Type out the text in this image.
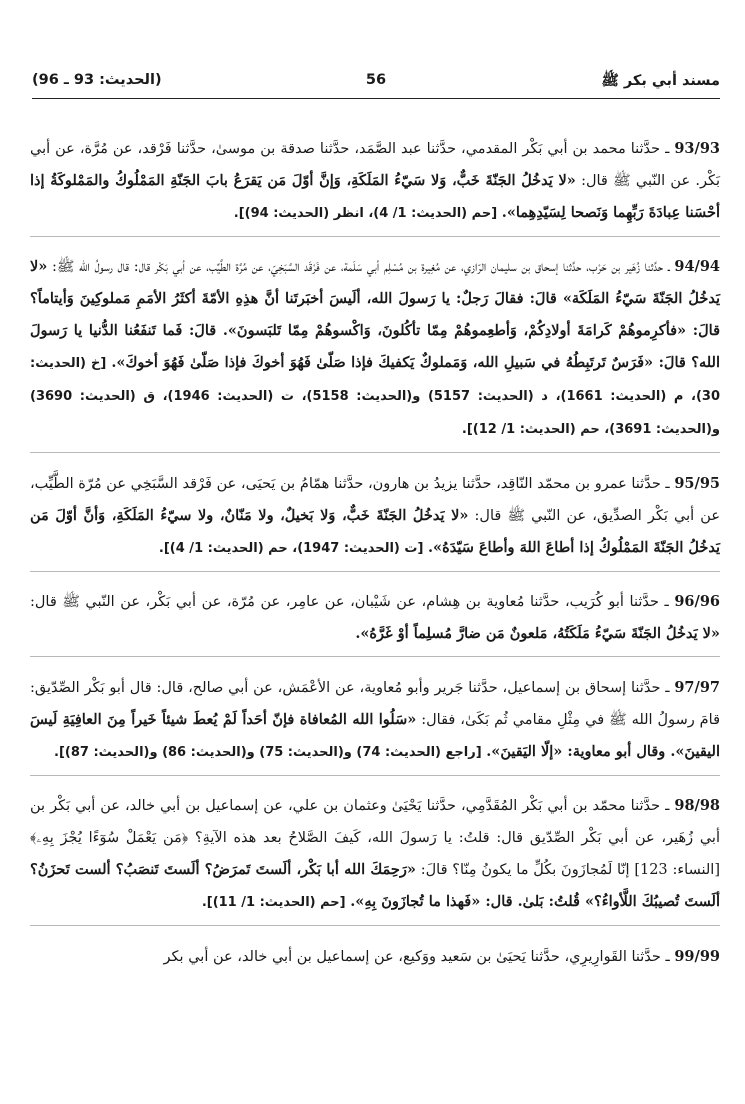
مسند أبي بكر ﷺ
56
(الحديث: 93 ـ 96)

93/93 ـ حدَّثنا محمد بن أبي بَكْر المقدمي، حدَّثنا عبد الصَّمَد، حدَّثنا صدقة بن موسىٰ، حدَّثنا فَرْقد، عن مُرَّة، عن أبي بَكْر. عن النّبي ﷺ قال: «لا يَدخُلُ الجَنّةَ خَبٌّ، وَلا سَيّءُ المَلَكَةِ، وَإنَّ أوّلَ مَن يَقرَعُ بابَ الجَنّةِ المَمْلُوكُ والمَمْلوكَةُ إذا أحْسَنا عِبادَةَ رَبِّهِما وَنَصحا لِسَيّدِهِما». [حم (الحديث: 1/ 4)، انظر (الحديث: 94)].

94/94 ـ حدَّثنا زُهَير بن حَرْب، حدَّثنا إسحاق بن سليمان الرّازي، عن مُغِيرة بن مُسْلِم أبي سَلَمة، عن فَرْقَد السَّبَخِيّ، عن مُرَّة الطَّيِّب، عن أبي بَكْر قال: قال رسولُ الله ﷺ: «لا يَدخُلُ الجَنّةَ سَيّءُ المَلَكَة» قالَ: فقالَ رَجلٌ: يا رَسولَ الله، ألَيسَ أخبَرتَنا أنَّ هذِهِ الأمّةَ أكثَرُ الأمَمِ مَملوكِينَ وَأيتاماً؟ قالَ: «فأكرِموهُمْ كَرامَةَ أولادِكُمْ، وَأطعِموهُمْ مِمّا تأكُلونَ، وَاكْسوهُمْ مِمّا تَلبَسونَ». قالَ: فَما تَنفَعُنا الدُّنيا يا رَسولَ الله؟ قالَ: «فَرَسٌ تَرتَبِطُهُ في سَبيلِ الله، وَمَملوكٌ يَكفيكَ فإذا صَلّىٰ فَهُوَ أخوكَ فإذا صَلّىٰ فَهُوَ أخوكَ». [خ (الحديث: 30)، م (الحديث: 1661)، د (الحديث: 5157) و(الحديث: 5158)، ت (الحديث: 1946)، ق (الحديث: 3690) و(الحديث: 3691)، حم (الحديث: 1/ 12)].

95/95 ـ حدَّثنا عمرو بن محمّد النّاقِد، حدَّثنا يزيدُ بن هارون، حدَّثنا همّامُ بن يَحيَى، عن فَرْقد السَّبَخِي عن مُرّة الطَّيِّب، عن أبي بَكْر الصدِّيق، عن النّبي ﷺ قال: «لا يَدخُلُ الجَنّةَ خَبٌّ، وَلا بَخيلٌ، ولا مَنّانٌ، ولا سيّءُ المَلَكَةِ، وَأنَّ أوّلَ مَن يَدخُلُ الجَنّةَ المَمْلُوكُ إذا أطاعَ اللهَ وأطاعَ سَيّدَهُ». [ت (الحديث: 1947)، حم (الحديث: 1/ 4)].

96/96 ـ حدَّثنا أبو كُرَيب، حدَّثنا مُعاوية بن هِشام، عن شَيْبان، عن عامِر، عن مُرّة، عن أبي بَكْر، عن النّبي ﷺ قال: «لا يَدخُلُ الجَنّةَ سَيّءُ مَلَكَتُهُ، مَلعونٌ مَن ضارَّ مُسلِماً أوْ غَرَّهُ».

97/97 ـ حدَّثنا إسحاق بن إسماعيل، حدَّثنا جَرير وأبو مُعاوية، عن الأعْمَش، عن أبي صالح، قال: قال أبو بَكْر الصِّدّيق: قامَ رسولُ الله ﷺ في مِثْلِ مقامي ثُم بَكَىٰ، فقال: «سَلُوا الله المُعافاة فإنّ أحَداً لَمْ يُعطَ شيئاً خَيراً مِنَ العافِيَةِ لَيسَ اليقينَ». وقال أبو معاوية: «إلّا اليَقينَ». [راجع (الحديث: 74) و(الحديث: 75) و(الحديث: 86) و(الحديث: 87)].

98/98 ـ حدَّثنا محمّد بن أبي بَكْر المُقَدَّمِي، حدَّثنا يَحْيَىٰ وعثمان بن علي، عن إسماعيل بن أبي خالد، عن أبي بَكْر بن أبي زُهَير، عن أبي بَكْر الصِّدّيق قال: قلتُ: يا رَسولَ الله، كَيفَ الصَّلاحُ بعد هذه الآيةِ؟ ﴿مَن يَعْمَلْ سُوٓءًا يُجْزَ بِهِۦ﴾ [النساء: 123] إنّا لَمُجازَونَ بكُلِّ ما يكونُ مِنّا؟ قالَ: «رَحِمَكَ الله أبا بَكْر، ألَستَ تَمرَضُ؟ ألَستَ تَنصَبُ؟ ألست تَحزَنُ؟ ألَستَ تُصيبُكَ اللَّأواءُ؟» قُلتُ: بَلىٰ. قال: «فَهذا ما تُجازَونَ بِهِ». [حم (الحديث: 1/ 11)].

99/99 ـ حدَّثنا القَوارِيرِي، حدَّثنا يَحيَىٰ بن سَعيد ووَكيع، عن إسماعيل بن أبي خالد، عن أبي بكر
